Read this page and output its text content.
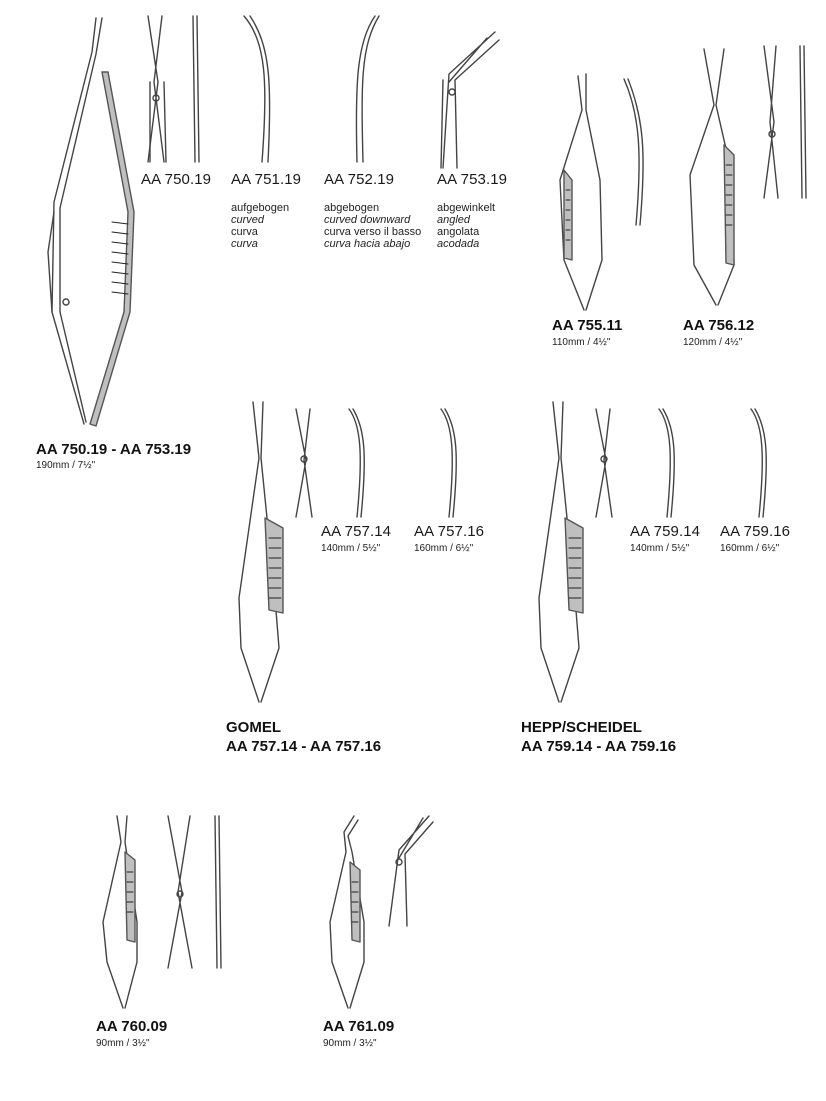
AA 750.19 AA 751.19 AA 752.19	AA 753.19

aufgebogen

curved

curva

curva

abgebogen

curved downward

curva verso il basso

curva hacia abajo

abgewinkelt

angled

angolata

acodada

AA 750.19 - AA 753.19
190mm / 7½"
AA 755.11
110mm / 4½"
AA 756.12
120mm / 4½"
AA 757.14
140mm / 5½"
AA 757.16
160mm / 6½"
GOMEL
AA 757.14 - AA 757.16
AA 759.14
140mm / 5½"
AA 759.16
160mm / 6½"
HEPP/SCHEIDEL
AA 759.14 - AA 759.16
AA 760.09
90mm / 3½"
AA 761.09
90mm / 3½"
